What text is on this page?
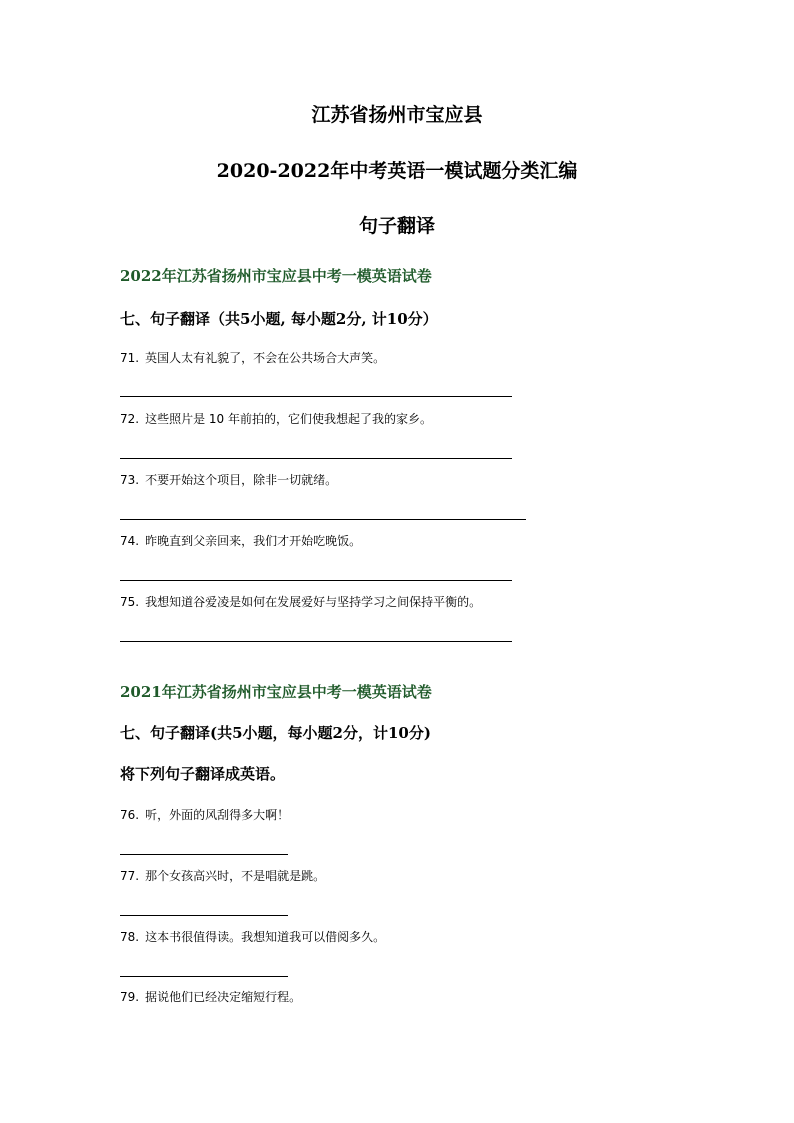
江苏省扬州市宝应县
2020-2022年中考英语一模试题分类汇编
句子翻译
2022年江苏省扬州市宝应县中考一模英语试卷
七、句子翻译（共5小题, 每小题2分, 计10分）
71. 英国人太有礼貌了，不会在公共场合大声笑。
72. 这些照片是 10 年前拍的，它们使我想起了我的家乡。
73. 不要开始这个项目，除非一切就绪。
74. 昨晚直到父亲回来，我们才开始吃晚饭。
75. 我想知道谷爱凌是如何在发展爱好与坚持学习之间保持平衡的。
2021年江苏省扬州市宝应县中考一模英语试卷
七、句子翻译(共5小题，每小题2分，计10分)
将下列句子翻译成英语。
76. 听，外面的风刮得多大啊！
77. 那个女孩高兴时，不是唱就是跳。
78. 这本书很值得读。我想知道我可以借阅多久。
79. 据说他们已经决定缩短行程。
